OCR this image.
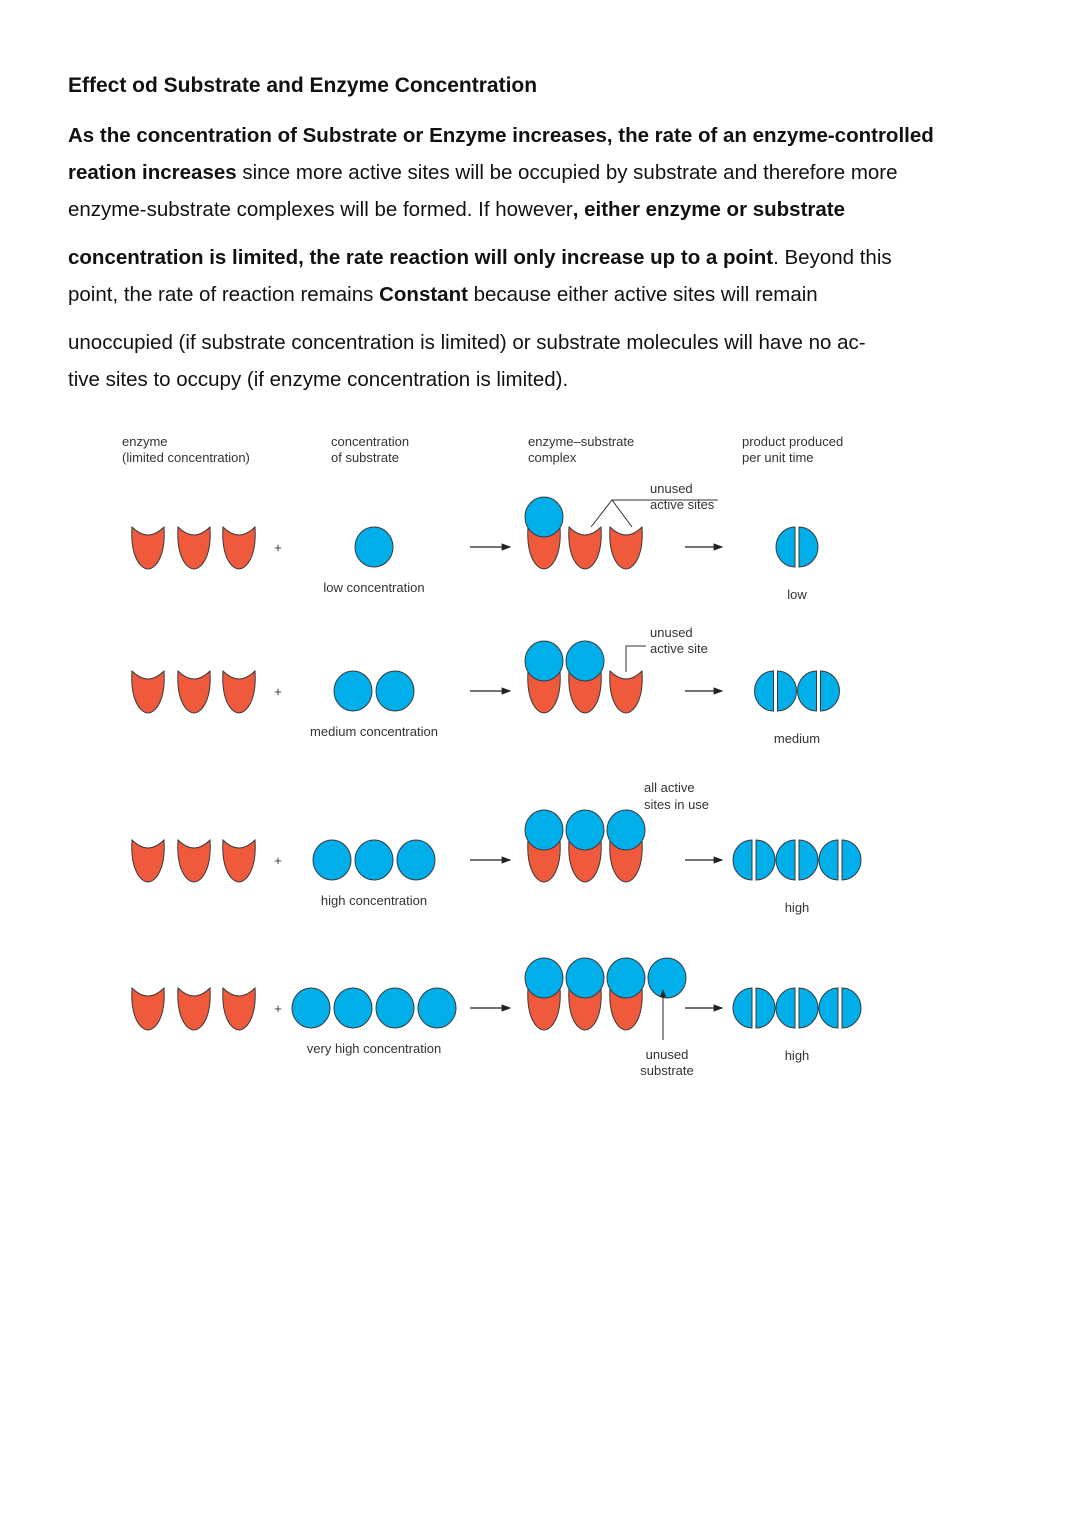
Effect od Substrate and Enzyme Concentration
As the concentration of Substrate or Enzyme increases, the rate of an enzyme-controlled
reation increases since more active sites will be occupied by substrate and therefore more
enzyme-substrate complexes will be formed. If however, either enzyme or substrate
concentration is limited, the rate reaction will only increase up to a point. Beyond this
point, the rate of reaction remains Constant because either active sites will remain
unoccupied (if substrate concentration is limited) or substrate molecules will have no ac-
tive sites to occupy (if enzyme concentration is limited).
enzyme
(limited concentration)
concentration
of substrate
enzyme–substrate
complex
product produced
per unit time
+
low concentration	low
+
medium concentration	medium
+
high concentration	high
+
very high concentration	high
unused
active sites
unused
active site
all active
sites in use
unused
substrate
